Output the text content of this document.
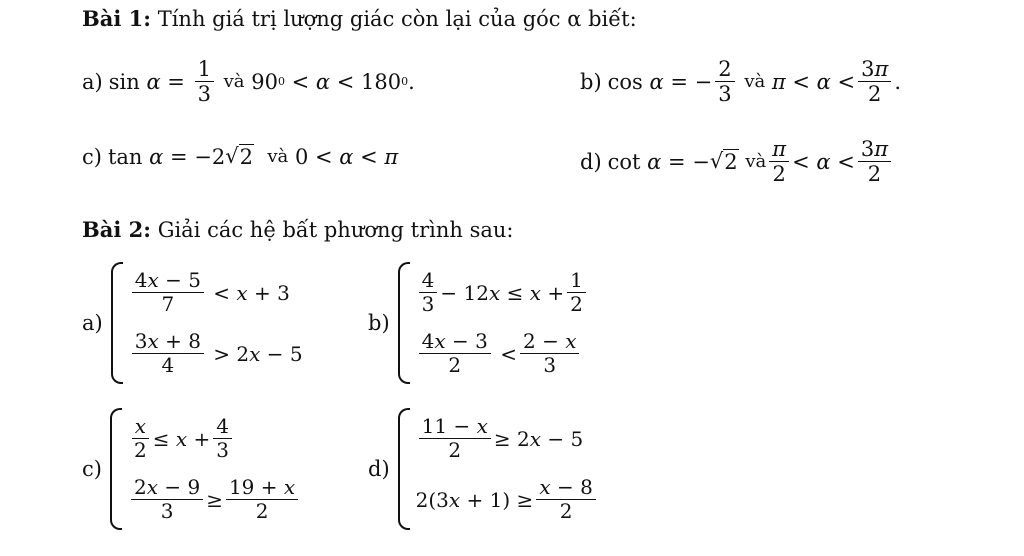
Bài 1: Tính giá trị lượng giác còn lại của góc α biết:
a) sin
$\alpha = \frac{1}{3}$
và 90 0 < α < 180 0 .	b) cos
α = − $\frac{2}{3}$
và
$\pi < \alpha < \frac{3\pi}{2}$ .
c) tan
α = −2 √ 2
và 0 < α < π	d) cot
α = − √ 2
và $\frac{\pi}{2} < \alpha < \frac{3\pi}{2}$
Bài 2: Giải các hệ bất phương trình sau:
a)
$\frac{4x - 5}{7} < x + 3$
$\frac{3x + 8}{4} > 2$ x − 5
b)
$\frac{4}{3} - 12$ $x \le x + \frac{1}{2}$
$\frac{4x - 3}{2} < \frac{2 - x}{3}$
c)
$\frac{x}{2} \le x + \frac{4}{3}$
$\frac{2x - 9}{3} \ge \frac{19 + x}{2}$
d)
$\frac{11 - x}{2} \ge 2$ x − 5
2(3 $x + 1) \ge \frac{x - 8}{2}$
